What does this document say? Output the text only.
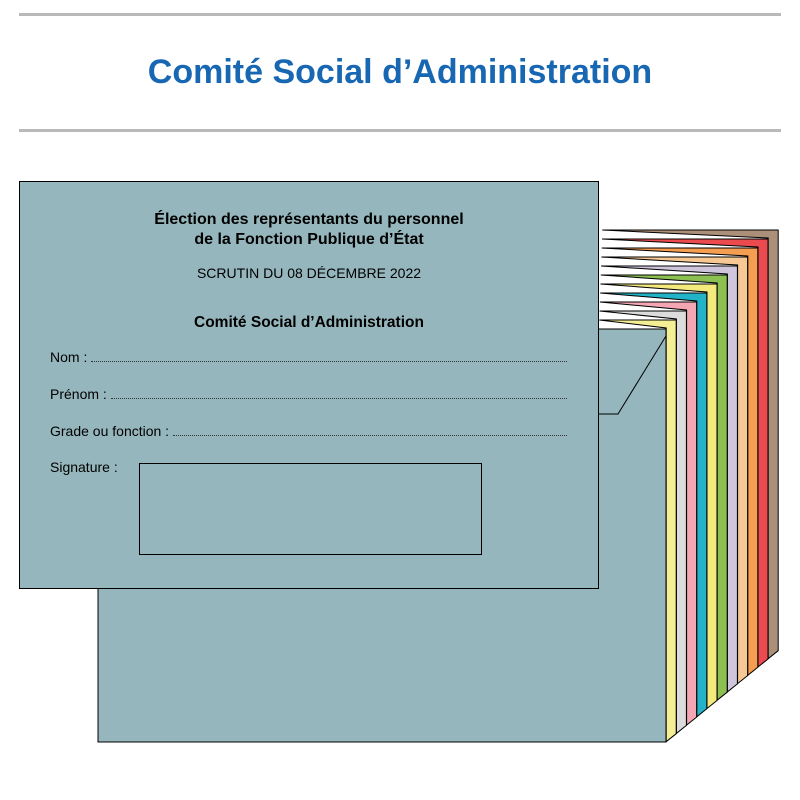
Comité Social d’Administration
Élection des représentants du personnel
de la Fonction Publique d’État
SCRUTIN DU 08 DÉCEMBRE 2022
Comité Social d’Administration
Nom :
Prénom :
Grade ou fonction :
Signature :
